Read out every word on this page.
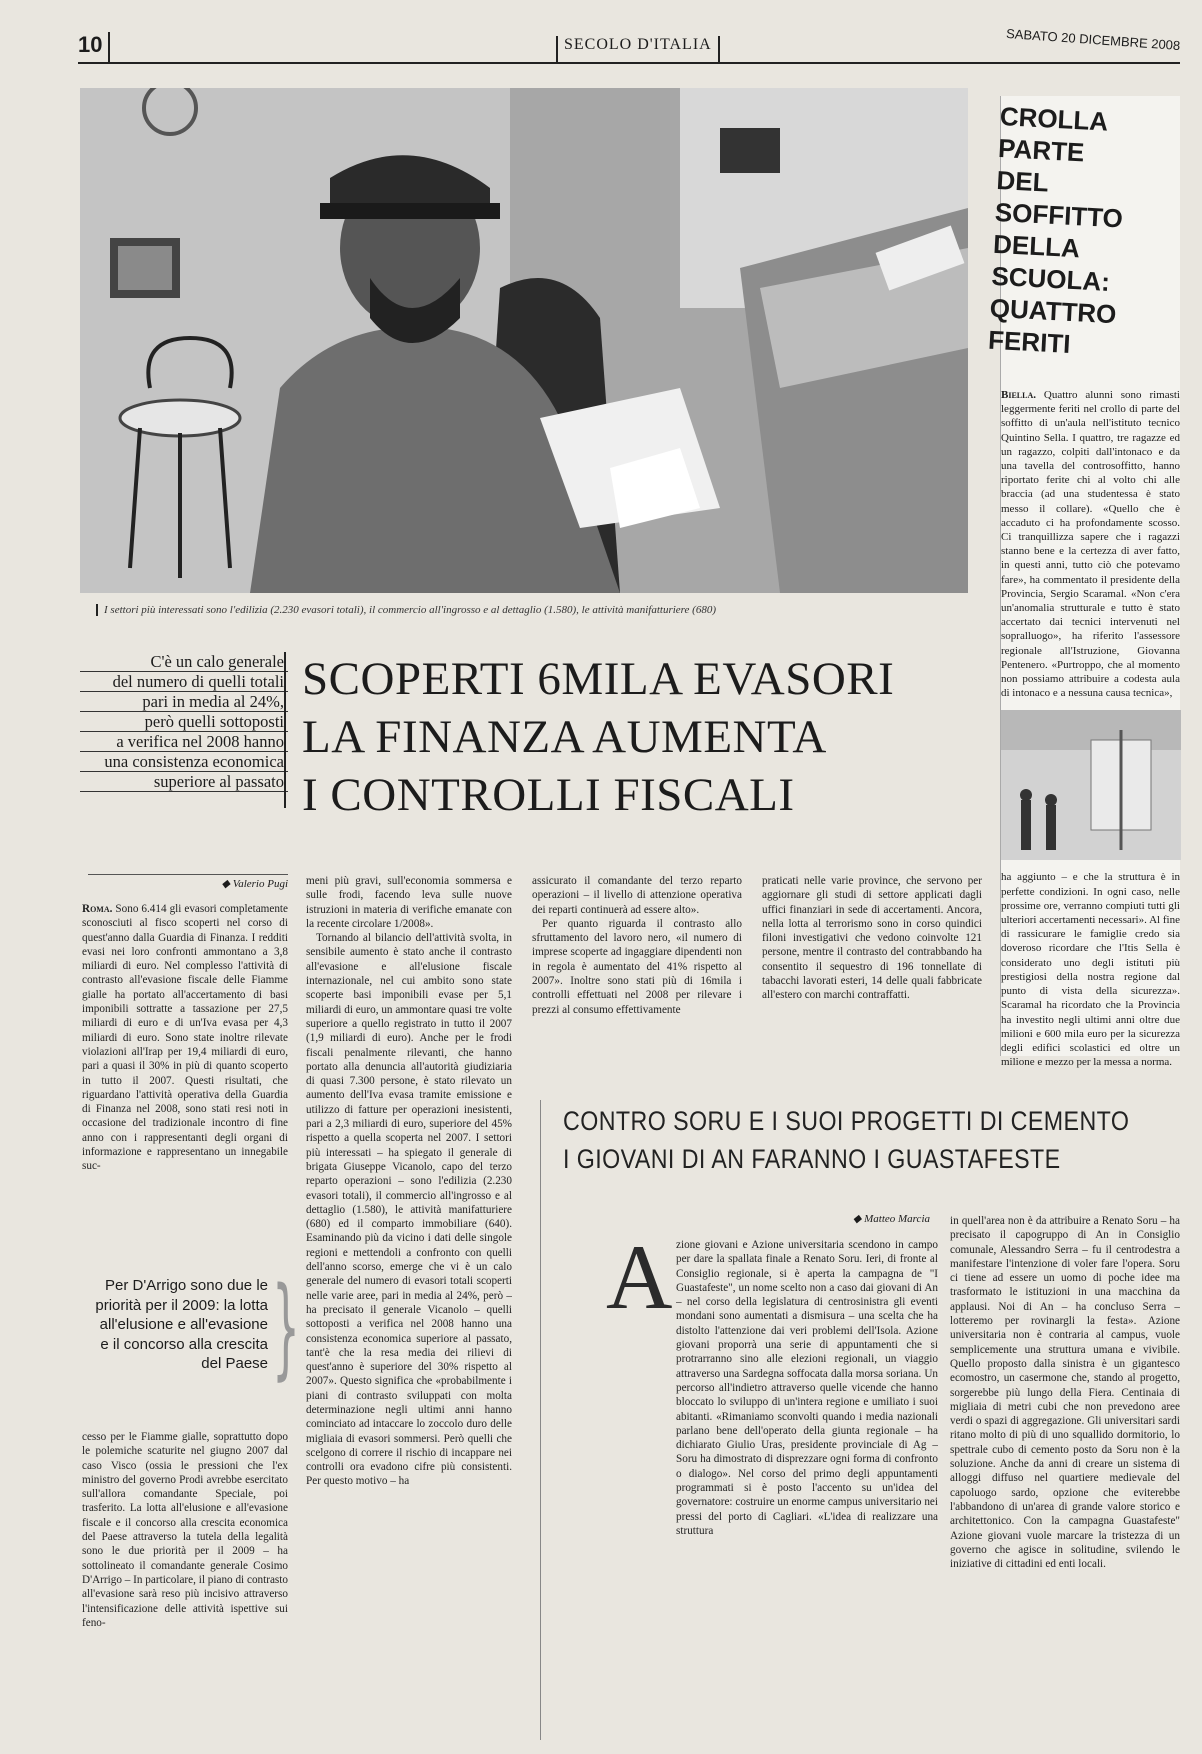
10	SECOLO D'ITALIA	SABATO 20 DICEMBRE 2008
I settori più interessati sono l'edilizia (2.230 evasori totali), il commercio all'ingrosso e al dettaglio (1.580), le attività manifatturiere (680)
CROLLA PARTE
DEL SOFFITTO
DELLA SCUOLA:
QUATTRO FERITI

Biella. Quattro alunni sono rimasti leggermente feriti nel crollo di parte del soffitto di un'aula nell'istituto tecnico Quintino Sella. I quattro, tre ragazze ed un ragazzo, colpiti dall'intonaco e da una tavella del controsoffitto, hanno riportato ferite chi al volto chi alle braccia (ad una studentessa è stato messo il collare). «Quello che è accaduto ci ha profondamente scosso. Ci tranquillizza sapere che i ragazzi stanno bene e la certezza di aver fatto, in questi anni, tutto ciò che potevamo fare», ha commentato il presidente della Provincia, Sergio Scaramal. «Non c'era un'anomalia strutturale e tutto è stato accertato dai tecnici intervenuti nel sopralluogo», ha riferito l'assessore regionale all'Istruzione, Giovanna Pentenero. «Purtroppo, che al momento non possiamo attribuire a codesta aula di intonaco e a nessuna causa tecnica»,

ha aggiunto – e che la struttura è in perfette condizioni. In ogni caso, nelle prossime ore, verranno compiuti tutti gli ulteriori accertamenti necessari». Al fine di rassicurare le famiglie credo sia doveroso ricordare che l'Itis Sella è considerato uno degli istituti più prestigiosi della nostra regione dal punto di vista della sicurezza». Scaramal ha ricordato che la Provincia ha investito negli ultimi anni oltre due milioni e 600 mila euro per la sicurezza degli edifici scolastici ed oltre un milione e mezzo per la messa a norma.

C'è un calo generale
del numero di quelli totali
pari in media al 24%,
però quelli sottoposti
a verifica nel 2008 hanno
una consistenza economica
superiore al passato
SCOPERTI 6MILA EVASORI
LA FINANZA AUMENTA
I CONTROLLI FISCALI
◆ Valerio Pugi

Roma. Sono 6.414 gli evasori completamente sconosciuti al fisco scoperti nel corso di quest'anno dalla Guardia di Finanza. I redditi evasi nei loro confronti ammontano a 3,8 miliardi di euro. Nel complesso l'attività di contrasto all'evasione fiscale delle Fiamme gialle ha portato all'accertamento di basi imponibili sottratte a tassazione per 27,5 miliardi di euro e di un'Iva evasa per 4,3 miliardi di euro. Sono state inoltre rilevate violazioni all'Irap per 19,4 miliardi di euro, pari a quasi il 30% in più di quanto scoperto in tutto il 2007. Questi risultati, che riguardano l'attività operativa della Guardia di Finanza nel 2008, sono stati resi noti in occasione del tradizionale incontro di fine anno con i rappresentanti degli organi di informazione e rappresentano un innegabile suc-

Per D'Arrigo sono due le priorità per il 2009: la lotta all'elusione e all'evasione e il concorso alla crescita del Paese }

cesso per le Fiamme gialle, soprattutto dopo le polemiche scaturite nel giugno 2007 dal caso Visco (ossia le pressioni che l'ex ministro del governo Prodi avrebbe esercitato sull'allora comandante Speciale, poi trasferito. La lotta all'elusione e all'evasione fiscale e il concorso alla crescita economica del Paese attraverso la tutela della legalità sono le due priorità per il 2009 – ha sottolineato il comandante generale Cosimo D'Arrigo – In particolare, il piano di contrasto all'evasione sarà reso più incisivo attraverso l'intensificazione delle attività ispettive sui feno-

meni più gravi, sull'economia sommersa e sulle frodi, facendo leva sulle nuove istruzioni in materia di verifiche emanate con la recente circolare 1/2008».

Tornando al bilancio dell'attività svolta, in sensibile aumento è stato anche il contrasto all'evasione e all'elusione fiscale internazionale, nel cui ambito sono state scoperte basi imponibili evase per 5,1 miliardi di euro, un ammontare quasi tre volte superiore a quello registrato in tutto il 2007 (1,9 miliardi di euro). Anche per le frodi fiscali penalmente rilevanti, che hanno portato alla denuncia all'autorità giudiziaria di quasi 7.300 persone, è stato rilevato un aumento dell'Iva evasa tramite emissione e utilizzo di fatture per operazioni inesistenti, pari a 2,3 miliardi di euro, superiore del 45% rispetto a quella scoperta nel 2007. I settori più interessati – ha spiegato il generale di brigata Giuseppe Vicanolo, capo del terzo reparto operazioni – sono l'edilizia (2.230 evasori totali), il commercio all'ingrosso e al dettaglio (1.580), le attività manifatturiere (680) ed il comparto immobiliare (640). Esaminando più da vicino i dati delle singole regioni e mettendoli a confronto con quelli dell'anno scorso, emerge che vi è un calo generale del numero di evasori totali scoperti nelle varie aree, pari in media al 24%, però – ha precisato il generale Vicanolo – quelli sottoposti a verifica nel 2008 hanno una consistenza economica superiore al passato, tant'è che la resa media dei rilievi di quest'anno è superiore del 30% rispetto al 2007». Questo significa che «probabilmente i piani di contrasto sviluppati con molta determinazione negli ultimi anni hanno cominciato ad intaccare lo zoccolo duro delle migliaia di evasori sommersi. Però quelli che scelgono di correre il rischio di incappare nei controlli ora evadono cifre più consistenti. Per questo motivo – ha

assicurato il comandante del terzo reparto operazioni – il livello di attenzione operativa dei reparti continuerà ad essere alto».

Per quanto riguarda il contrasto allo sfruttamento del lavoro nero, «il numero di imprese scoperte ad ingaggiare dipendenti non in regola è aumentato del 41% rispetto al 2007». Inoltre sono stati più di 16mila i controlli effettuati nel 2008 per rilevare i prezzi al consumo effettivamente

praticati nelle varie province, che servono per aggiornare gli studi di settore applicati dagli uffici finanziari in sede di accertamenti. Ancora, nella lotta al terrorismo sono in corso quindici filoni investigativi che vedono coinvolte 121 persone, mentre il contrasto del contrabbando ha consentito il sequestro di 196 tonnellate di tabacchi lavorati esteri, 14 delle quali fabbricate all'estero con marchi contraffatti.

CONTRO SORU E I SUOI PROGETTI DI CEMENTO
I GIOVANI DI AN FARANNO I GUASTAFESTE
◆ Matteo Marcia
A zione giovani e Azione universitaria scendono in campo per dare la spallata finale a Renato Soru. Ieri, di fronte al Consiglio regionale, si è aperta la campagna de "I Guastafeste", un nome scelto non a caso dai giovani di An – nel corso della legislatura di centrosinistra gli eventi mondani sono aumentati a dismisura – una scelta che ha distolto l'attenzione dai veri problemi dell'Isola. Azione giovani proporrà una serie di appuntamenti che si protrarranno sino alle elezioni regionali, un viaggio attraverso una Sardegna soffocata dalla morsa soriana. Un percorso all'indietro attraverso quelle vicende che hanno bloccato lo sviluppo di un'intera regione e umiliato i suoi abitanti. «Rimaniamo sconvolti quando i media nazionali parlano bene dell'operato della giunta regionale – ha dichiarato Giulio Uras, presidente provinciale di Ag – Soru ha dimostrato di disprezzare ogni forma di confronto o dialogo». Nel corso del primo degli appuntamenti programmati si è posto l'accento su un'idea del governatore: costruire un enorme campus universitario nei pressi del porto di Cagliari. «L'idea di realizzare una struttura

in quell'area non è da attribuire a Renato Soru – ha precisato il capogruppo di An in Consiglio comunale, Alessandro Serra – fu il centrodestra a manifestare l'intenzione di voler fare l'opera. Soru ci tiene ad essere un uomo di poche idee ma trasformato le istituzioni in una macchina da applausi. Noi di An – ha concluso Serra – lotteremo per rovinargli la festa». Azione universitaria non è contraria al campus, vuole semplicemente una struttura umana e vivibile. Quello proposto dalla sinistra è un gigantesco ecomostro, un casermone che, stando al progetto, sorgerebbe più lungo della Fiera. Centinaia di migliaia di metri cubi che non prevedono aree verdi o spazi di aggregazione. Gli universitari sardi ritano molto di più di uno squallido dormitorio, lo spettrale cubo di cemento posto da Soru non è la soluzione. Anche da anni di creare un sistema di alloggi diffuso nel quartiere medievale del capoluogo sardo, opzione che eviterebbe l'abbandono di un'area di grande valore storico e architettonico. Con la campagna Guastafeste" Azione giovani vuole marcare la tristezza di un governo che agisce in solitudine, svilendo le iniziative di cittadini ed enti locali.
